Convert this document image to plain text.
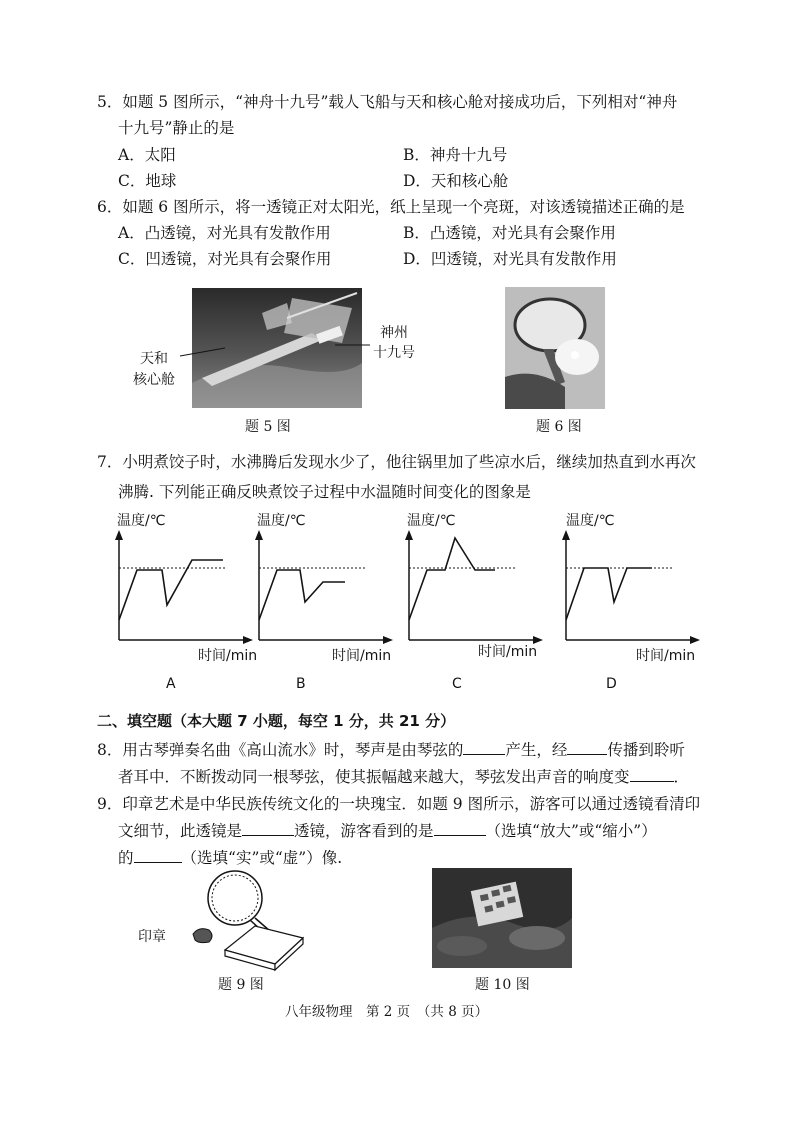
5．如题 5 图所示，“神舟十九号”载人飞船与天和核心舱对接成功后，下列相对“神舟
十九号”静止的是
A．太阳	B．神舟十九号
C．地球	D．天和核心舱
6．如题 6 图所示，将一透镜正对太阳光，纸上呈现一个亮斑，对该透镜描述正确的是
A．凸透镜，对光具有发散作用	B．凸透镜，对光具有会聚作用
C．凹透镜，对光具有会聚作用	D．凹透镜，对光具有发散作用
天和
核心舱
神州
十九号
题 5 图	题 6 图
7．小明煮饺子时，水沸腾后发现水少了，他往锅里加了些凉水后，继续加热直到水再次
沸腾. 下列能正确反映煮饺子过程中水温随时间变化的图象是
温度/℃
时间/min
A
温度/℃
时间/min
B
温度/℃
时间/min
C
温度/℃
时间/min
D
二、填空题（本大题 7 小题，每空 1 分，共 21 分）
8．用古琴弹奏名曲《高山流水》时，琴声是由琴弦的	产生，经	传播到聆听
者耳中．不断拨动同一根琴弦，使其振幅越来越大，琴弦发出声音的响度变	．
9．印章艺术是中华民族传统文化的一块瑰宝．如题 9 图所示，游客可以通过透镜看清印
文细节，此透镜是	透镜，游客看到的是	（选填“放大”或“缩小”）
的	（选填“实”或“虚”）像.
印章
题 9 图	题 10 图
八年级物理　第 2 页　（共 8 页）
